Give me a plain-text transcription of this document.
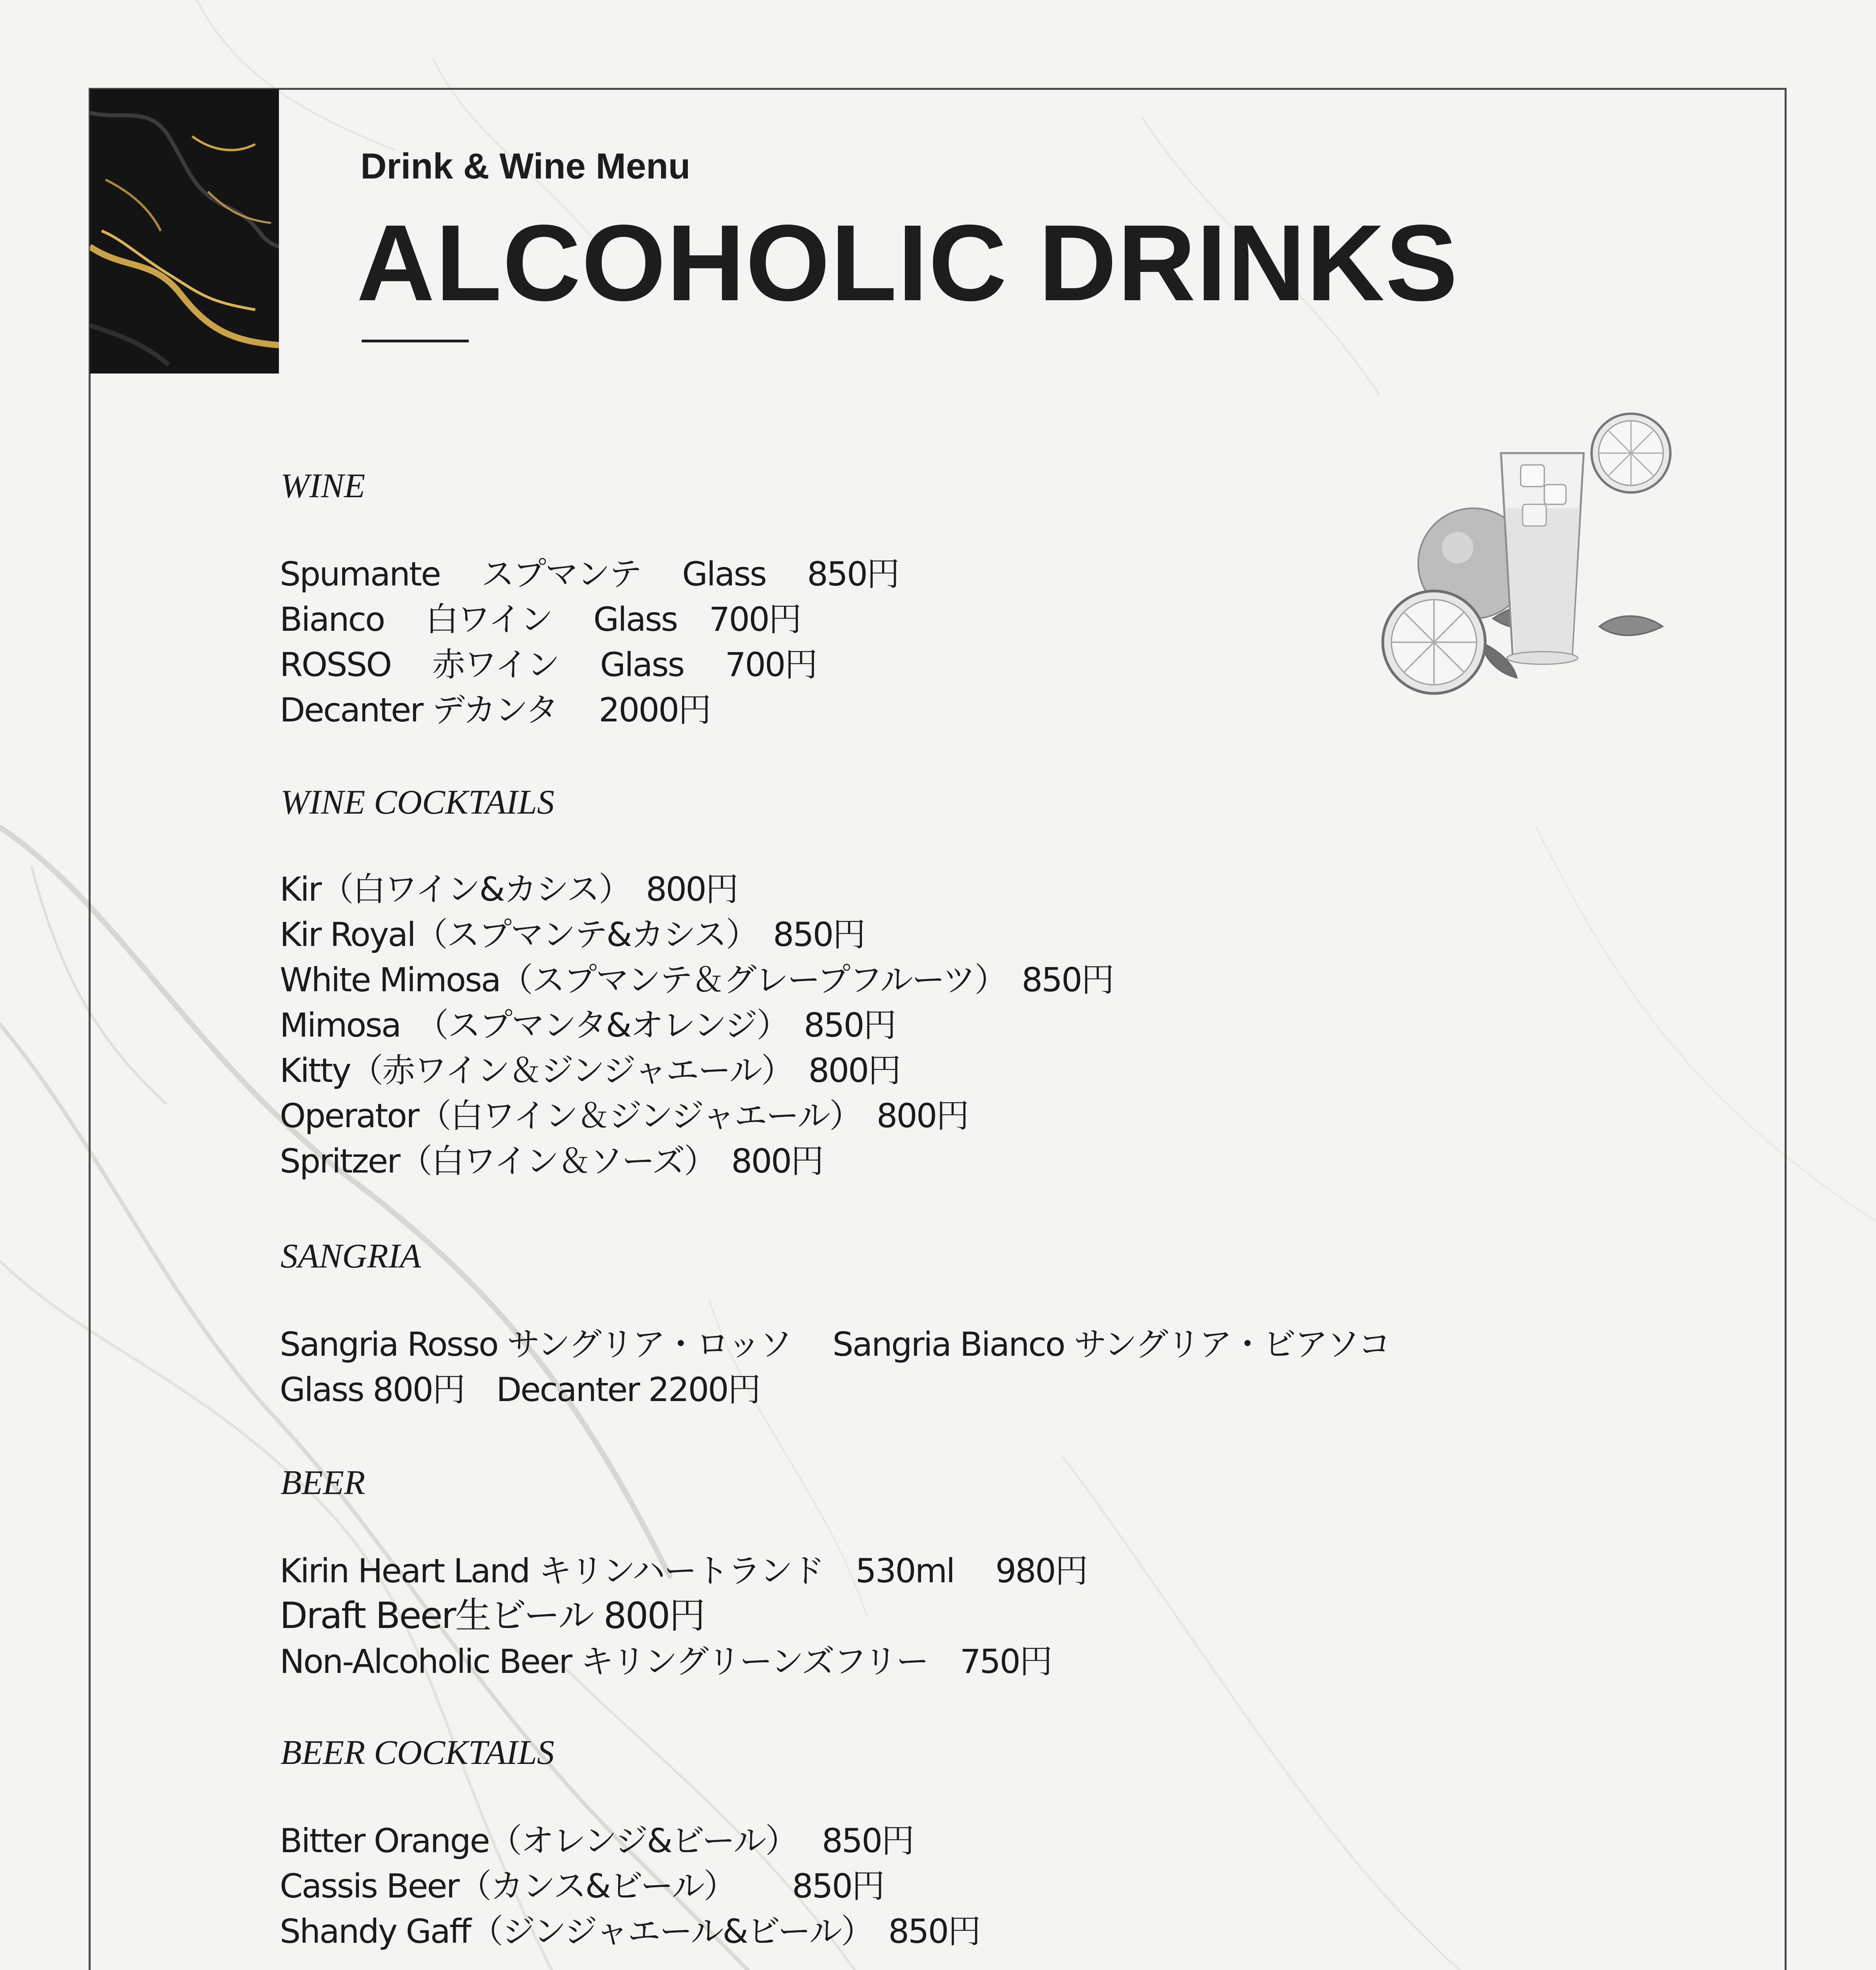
Drink & Wine Menu
ALCOHOLIC DRINKS
WINE
Spumante　 スプマンテ　 Glass　 850円
Bianco　 白ワイン　 Glass　700円
ROSSO　 赤ワイン　 Glass　 700円
Decanter デカンタ　 2000円
WINE COCKTAILS
Kir（白ワイン&カシス）　800円
Kir Royal（スプマンテ&カシス）　850円
White Mimosa（スプマンテ＆グレープフルーツ）　850円
Mimosa　（スプマンタ&オレンジ）　850円
Kitty（赤ワイン＆ジンジャエール）　800円
Operator（白ワイン＆ジンジャエール）　800円
Spritzer（白ワイン＆ソーズ）　800円
SANGRIA
Sangria Rosso サングリア・ロッソ　 Sangria Bianco サングリア・ビアソコ
Glass 800円　Decanter 2200円
BEER
Kirin Heart Land キリンハートランド　530ml　 980円
Draft Beer生ビール 800円
Non-Alcoholic Beer キリングリーンズフリー　750円
BEER COCKTAILS
Bitter Orange（オレンジ&ビール）　 850円
Cassis Beer（カンス&ビール）　　 850円
Shandy Gaff（ジンジャエール&ビール）　850円
